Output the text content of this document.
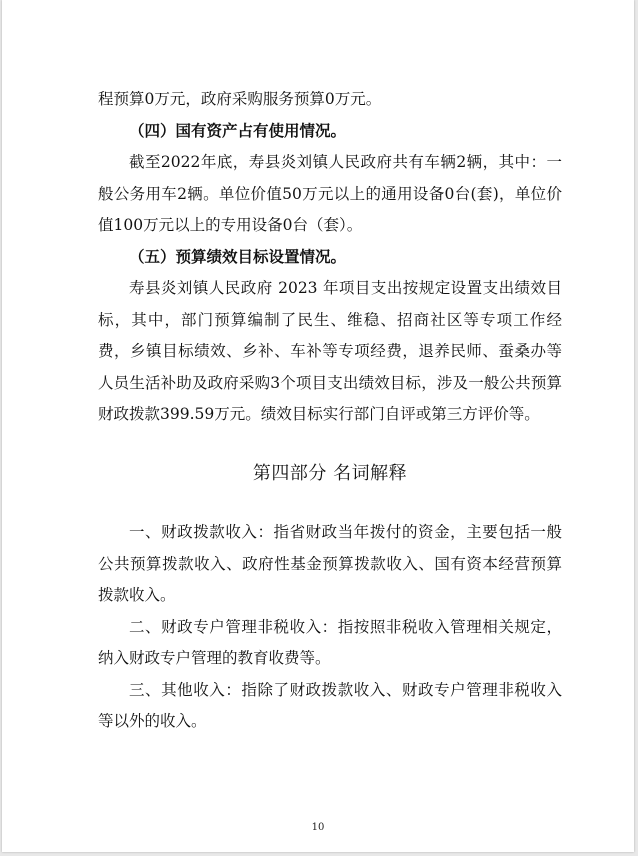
程预算0万元，政府采购服务预算0万元。

（四）国有资产占有使用情况。

截至2022年底，寿县炎刘镇人民政府共有车辆2辆，其中：一般公务用车2辆。单位价值50万元以上的通用设备0台(套)，单位价值100万元以上的专用设备0台（套）。

（五）预算绩效目标设置情况。

寿县炎刘镇人民政府 2023 年项目支出按规定设置支出绩效目标，其中，部门预算编制了民生、维稳、招商社区等专项工作经费，乡镇目标绩效、乡补、车补等专项经费，退养民师、蚕桑办等人员生活补助及政府采购3个项目支出绩效目标，涉及一般公共预算财政拨款399.59万元。绩效目标实行部门自评或第三方评价等。

第四部分 名词解释

一、财政拨款收入：指省财政当年拨付的资金，主要包括一般公共预算拨款收入、政府性基金预算拨款收入、国有资本经营预算拨款收入。

二、财政专户管理非税收入：指按照非税收入管理相关规定，纳入财政专户管理的教育收费等。

三、其他收入：指除了财政拨款收入、财政专户管理非税收入等以外的收入。

10
